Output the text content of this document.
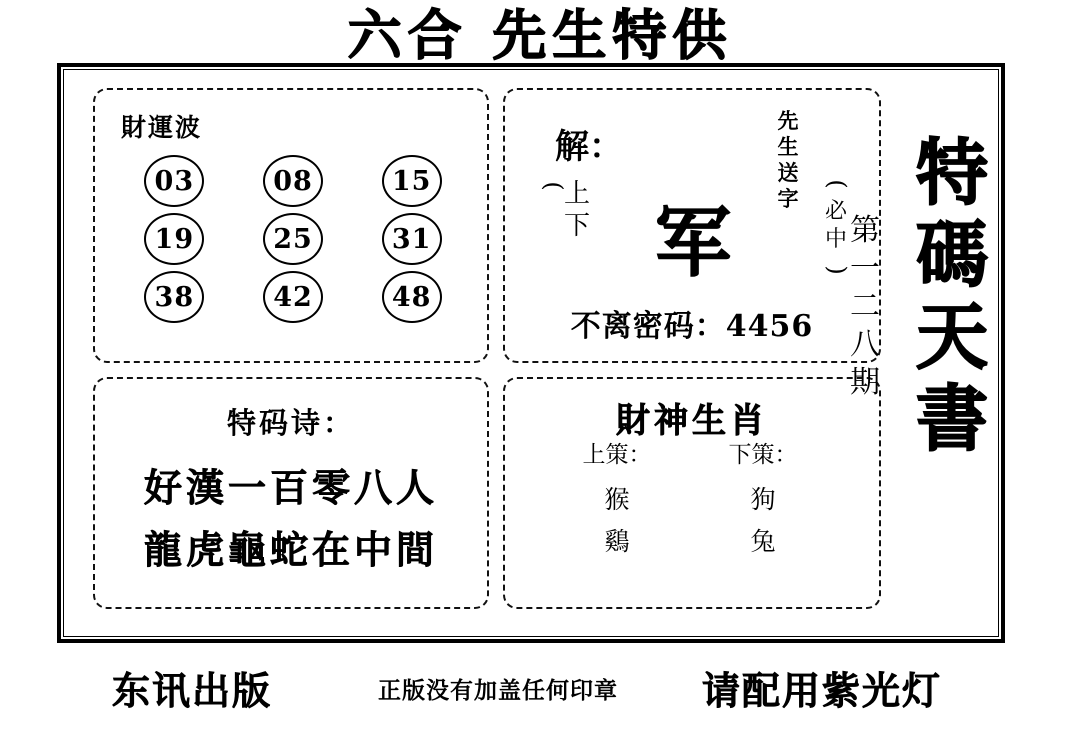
六合 先生特供
財運波
03	08	15
19	25	31
38	42	48
解：
(
上下 军
先生送字
(
必中
)
不离密码：4456
特码诗：
好漢一百零八人
龍虎龜蛇在中間
財神生肖
上策：
猴
鷄
下策：
狗
兔
特碼天書
第一二八期
东讯出版	正版没有加盖任何印章 请配用紫光灯
